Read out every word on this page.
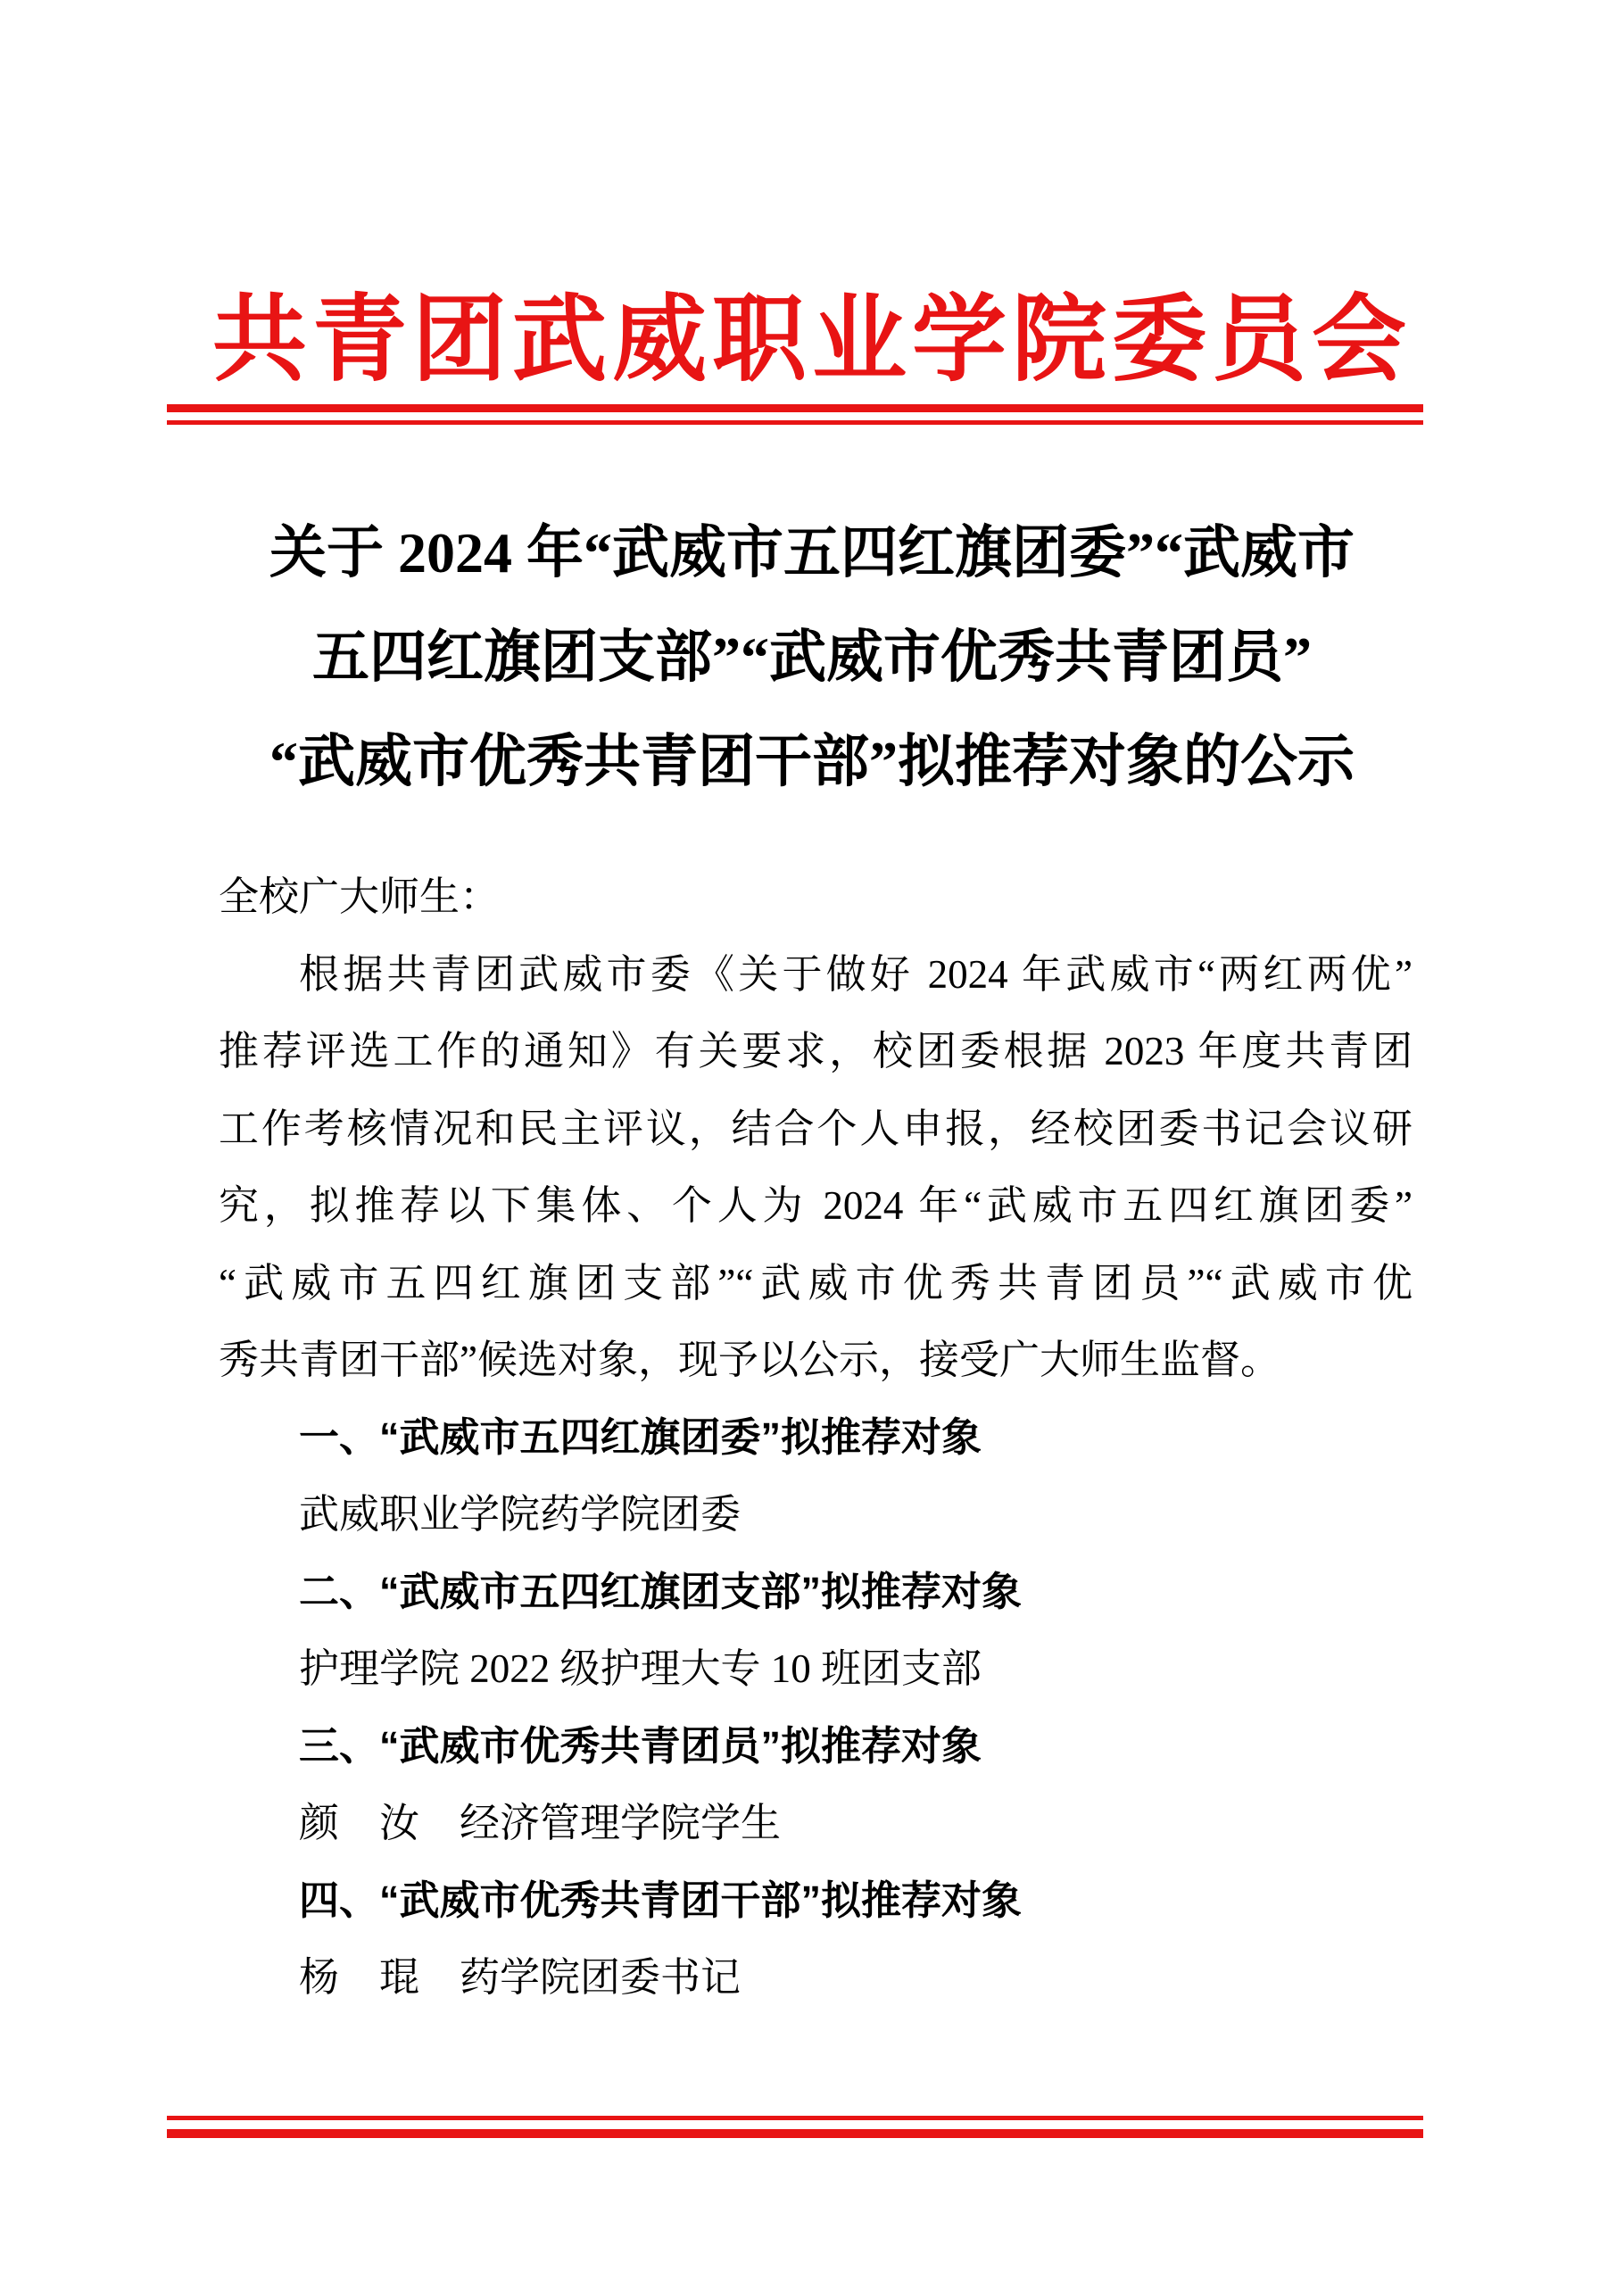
共青团武威职业学院委员会
关于 2024 年“武威市五四红旗团委”“武威市
五四红旗团支部”“武威市优秀共青团员”
“武威市优秀共青团干部”拟推荐对象的公示
全校广大师生：
根据共青团武威市委《关于做好 2024 年武威市“两红两优”
推荐评选工作的通知》有关要求，校团委根据 2023 年度共青团
工作考核情况和民主评议，结合个人申报，经校团委书记会议研
究，拟推荐以下集体、个人为 2024 年“武威市五四红旗团委”
“武威市五四红旗团支部”“武威市优秀共青团员”“武威市优
秀共青团干部”候选对象，现予以公示，接受广大师生监督。
一、“武威市五四红旗团委”拟推荐对象
武威职业学院药学院团委
二、“武威市五四红旗团支部”拟推荐对象
护理学院 2022 级护理大专 10 班团支部
三、“武威市优秀共青团员”拟推荐对象
颜　汝　经济管理学院学生
四、“武威市优秀共青团干部”拟推荐对象
杨　琨　药学院团委书记
